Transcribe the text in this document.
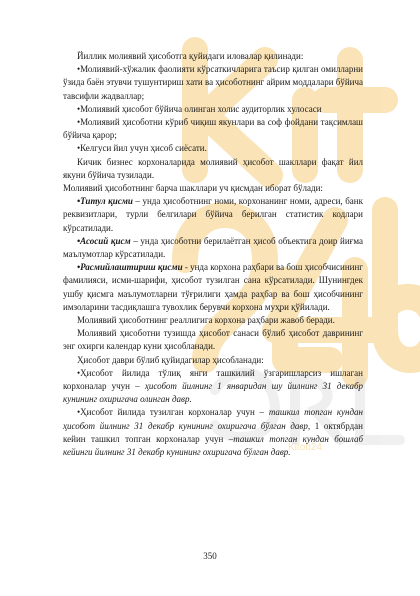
Kitob24

Йиллик молиявий ҳисоботга қуйидаги иловалар қилинади:

•Молиявий-хўжалик фаолияти кўрсаткичларига таъсир қилган омилларни ўзида баён этувчи тушунтириш хати ва ҳисоботнинг айрим моддалари бўйича тавсифли жадваллар;

•Молиявий ҳисобот бўйича олинган холис аудиторлик хулосаси

•Молиявий ҳисоботни кўриб чиқиш якунлари ва соф фойдани тақсимлаш бўйича қарор;

•Келгуси йил учун ҳисоб сиёсати.

Кичик бизнес корхоналарида молиявий ҳисобот шакллари фақат йил якуни бўйича тузилади.

Молиявий ҳисоботнинг барча шакллари уч қисмдан иборат бўлади:

•Титул қисми – унда ҳисоботнинг номи, корхонанинг номи, адреси, банк реквизитлари, турли белгилари бўйича берилган статистик кодлари кўрсатилади.

•Асосий қисм – унда ҳисоботни берилаётган ҳисоб объектига доир йиғма маълумотлар кўрсатилади.

•Расмийлаштириш қисми - унда корхона раҳбари ва бош ҳисобчисининг фамилияси, исми-шарифи, ҳисобот тузилган сана кўрсатилади. Шунингдек ушбу қисмга маълумотларни тўғрилиги ҳамда раҳбар ва бош ҳисобчининг имзоларини тасдиқлашга тувохлик берувчи корхона муҳри қўйилади.

Молиявий ҳисоботнинг реаллигига корхона раҳбари жавоб беради.

Молиявий ҳисоботни тузишда ҳисобот санаси бўлиб ҳисобот даврининг энг охирги календар куни ҳисобланади.

Ҳисобот даври бўлиб қуйидагилар ҳисобланади:

•Ҳисобот йилида тўлиқ янги ташкилий ўзгаришларсиз ишлаган корхоналар учун – ҳисобот йилнинг 1 январидан шу йилнинг 31 декабр кунининг охиригача олинган давр.

•Ҳисобот йилида тузилган корхоналар учун – ташкил топган кундан ҳисобот йилнинг 31 декабр кунининг охиригача бўлган давр, 1 октябрдан кейин ташкил топган корхоналар учун –ташкил топган кундан бошлаб кейинги йилнинг 31 декабр кунининг охиригача бўлган давр.

350
